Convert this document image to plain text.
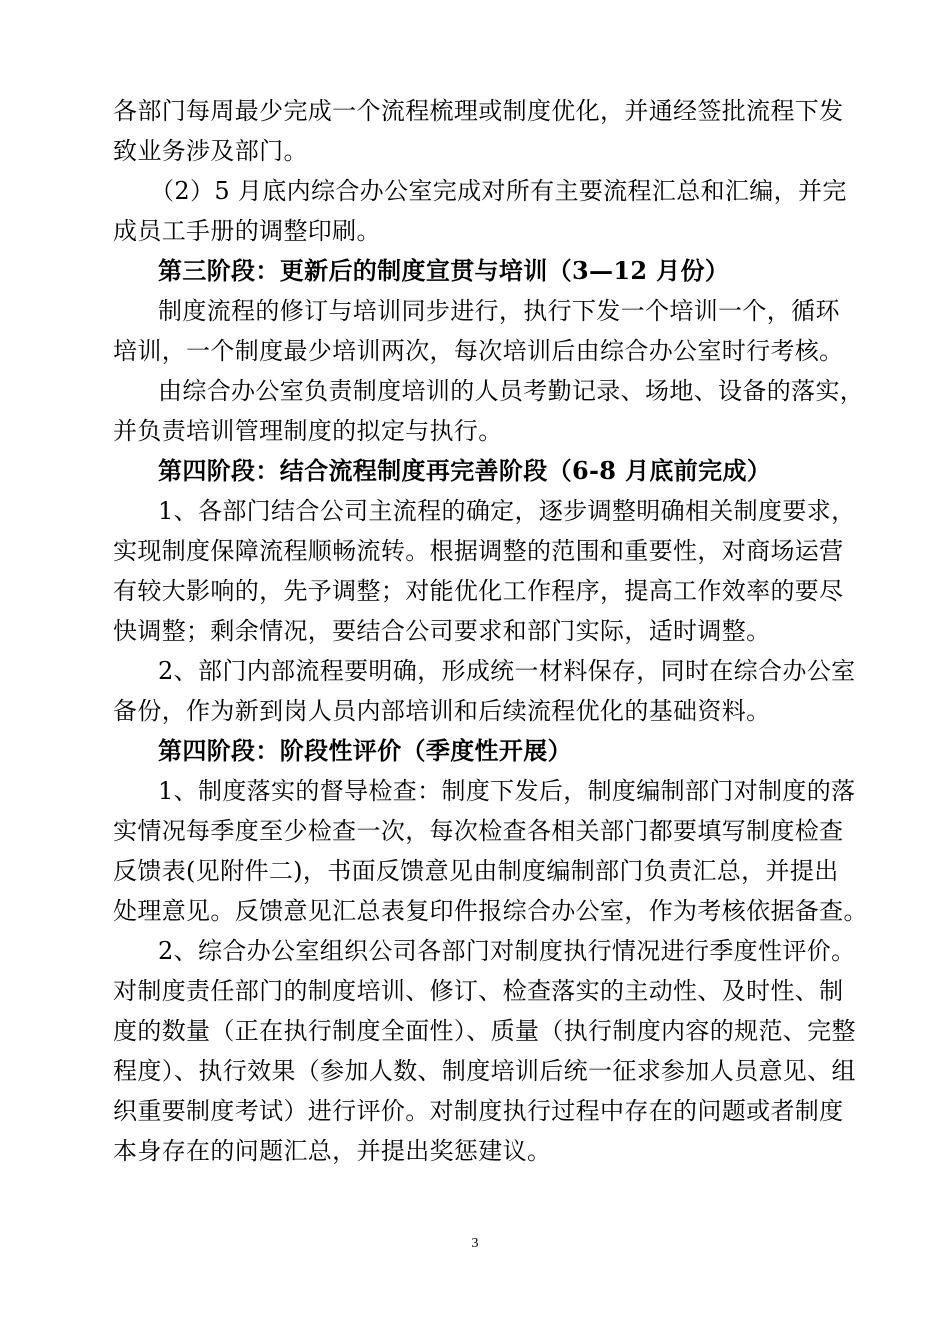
各部门每周最少完成一个流程梳理或制度优化，并通经签批流程下发
致业务涉及部门。
（2）5 月底内综合办公室完成对所有主要流程汇总和汇编，并完
成员工手册的调整印刷。
第三阶段：更新后的制度宣贯与培训（3—12 月份）
制度流程的修订与培训同步进行，执行下发一个培训一个，循环
培训，一个制度最少培训两次，每次培训后由综合办公室时行考核。
由综合办公室负责制度培训的人员考勤记录、场地、设备的落实，
并负责培训管理制度的拟定与执行。
第四阶段：结合流程制度再完善阶段（6-8 月底前完成）
1、各部门结合公司主流程的确定，逐步调整明确相关制度要求，
实现制度保障流程顺畅流转。根据调整的范围和重要性，对商场运营
有较大影响的，先予调整；对能优化工作程序，提高工作效率的要尽
快调整；剩余情况，要结合公司要求和部门实际，适时调整。
2、部门内部流程要明确，形成统一材料保存，同时在综合办公室
备份，作为新到岗人员内部培训和后续流程优化的基础资料。
第四阶段：阶段性评价（季度性开展）
1、制度落实的督导检查：制度下发后，制度编制部门对制度的落
实情况每季度至少检查一次，每次检查各相关部门都要填写制度检查
反馈表(见附件二)，书面反馈意见由制度编制部门负责汇总，并提出
处理意见。反馈意见汇总表复印件报综合办公室，作为考核依据备查。
2、综合办公室组织公司各部门对制度执行情况进行季度性评价。
对制度责任部门的制度培训、修订、检查落实的主动性、及时性、制
度的数量（正在执行制度全面性）、质量（执行制度内容的规范、完整
程度）、执行效果（参加人数、制度培训后统一征求参加人员意见、组
织重要制度考试）进行评价。对制度执行过程中存在的问题或者制度
本身存在的问题汇总，并提出奖惩建议。
3
